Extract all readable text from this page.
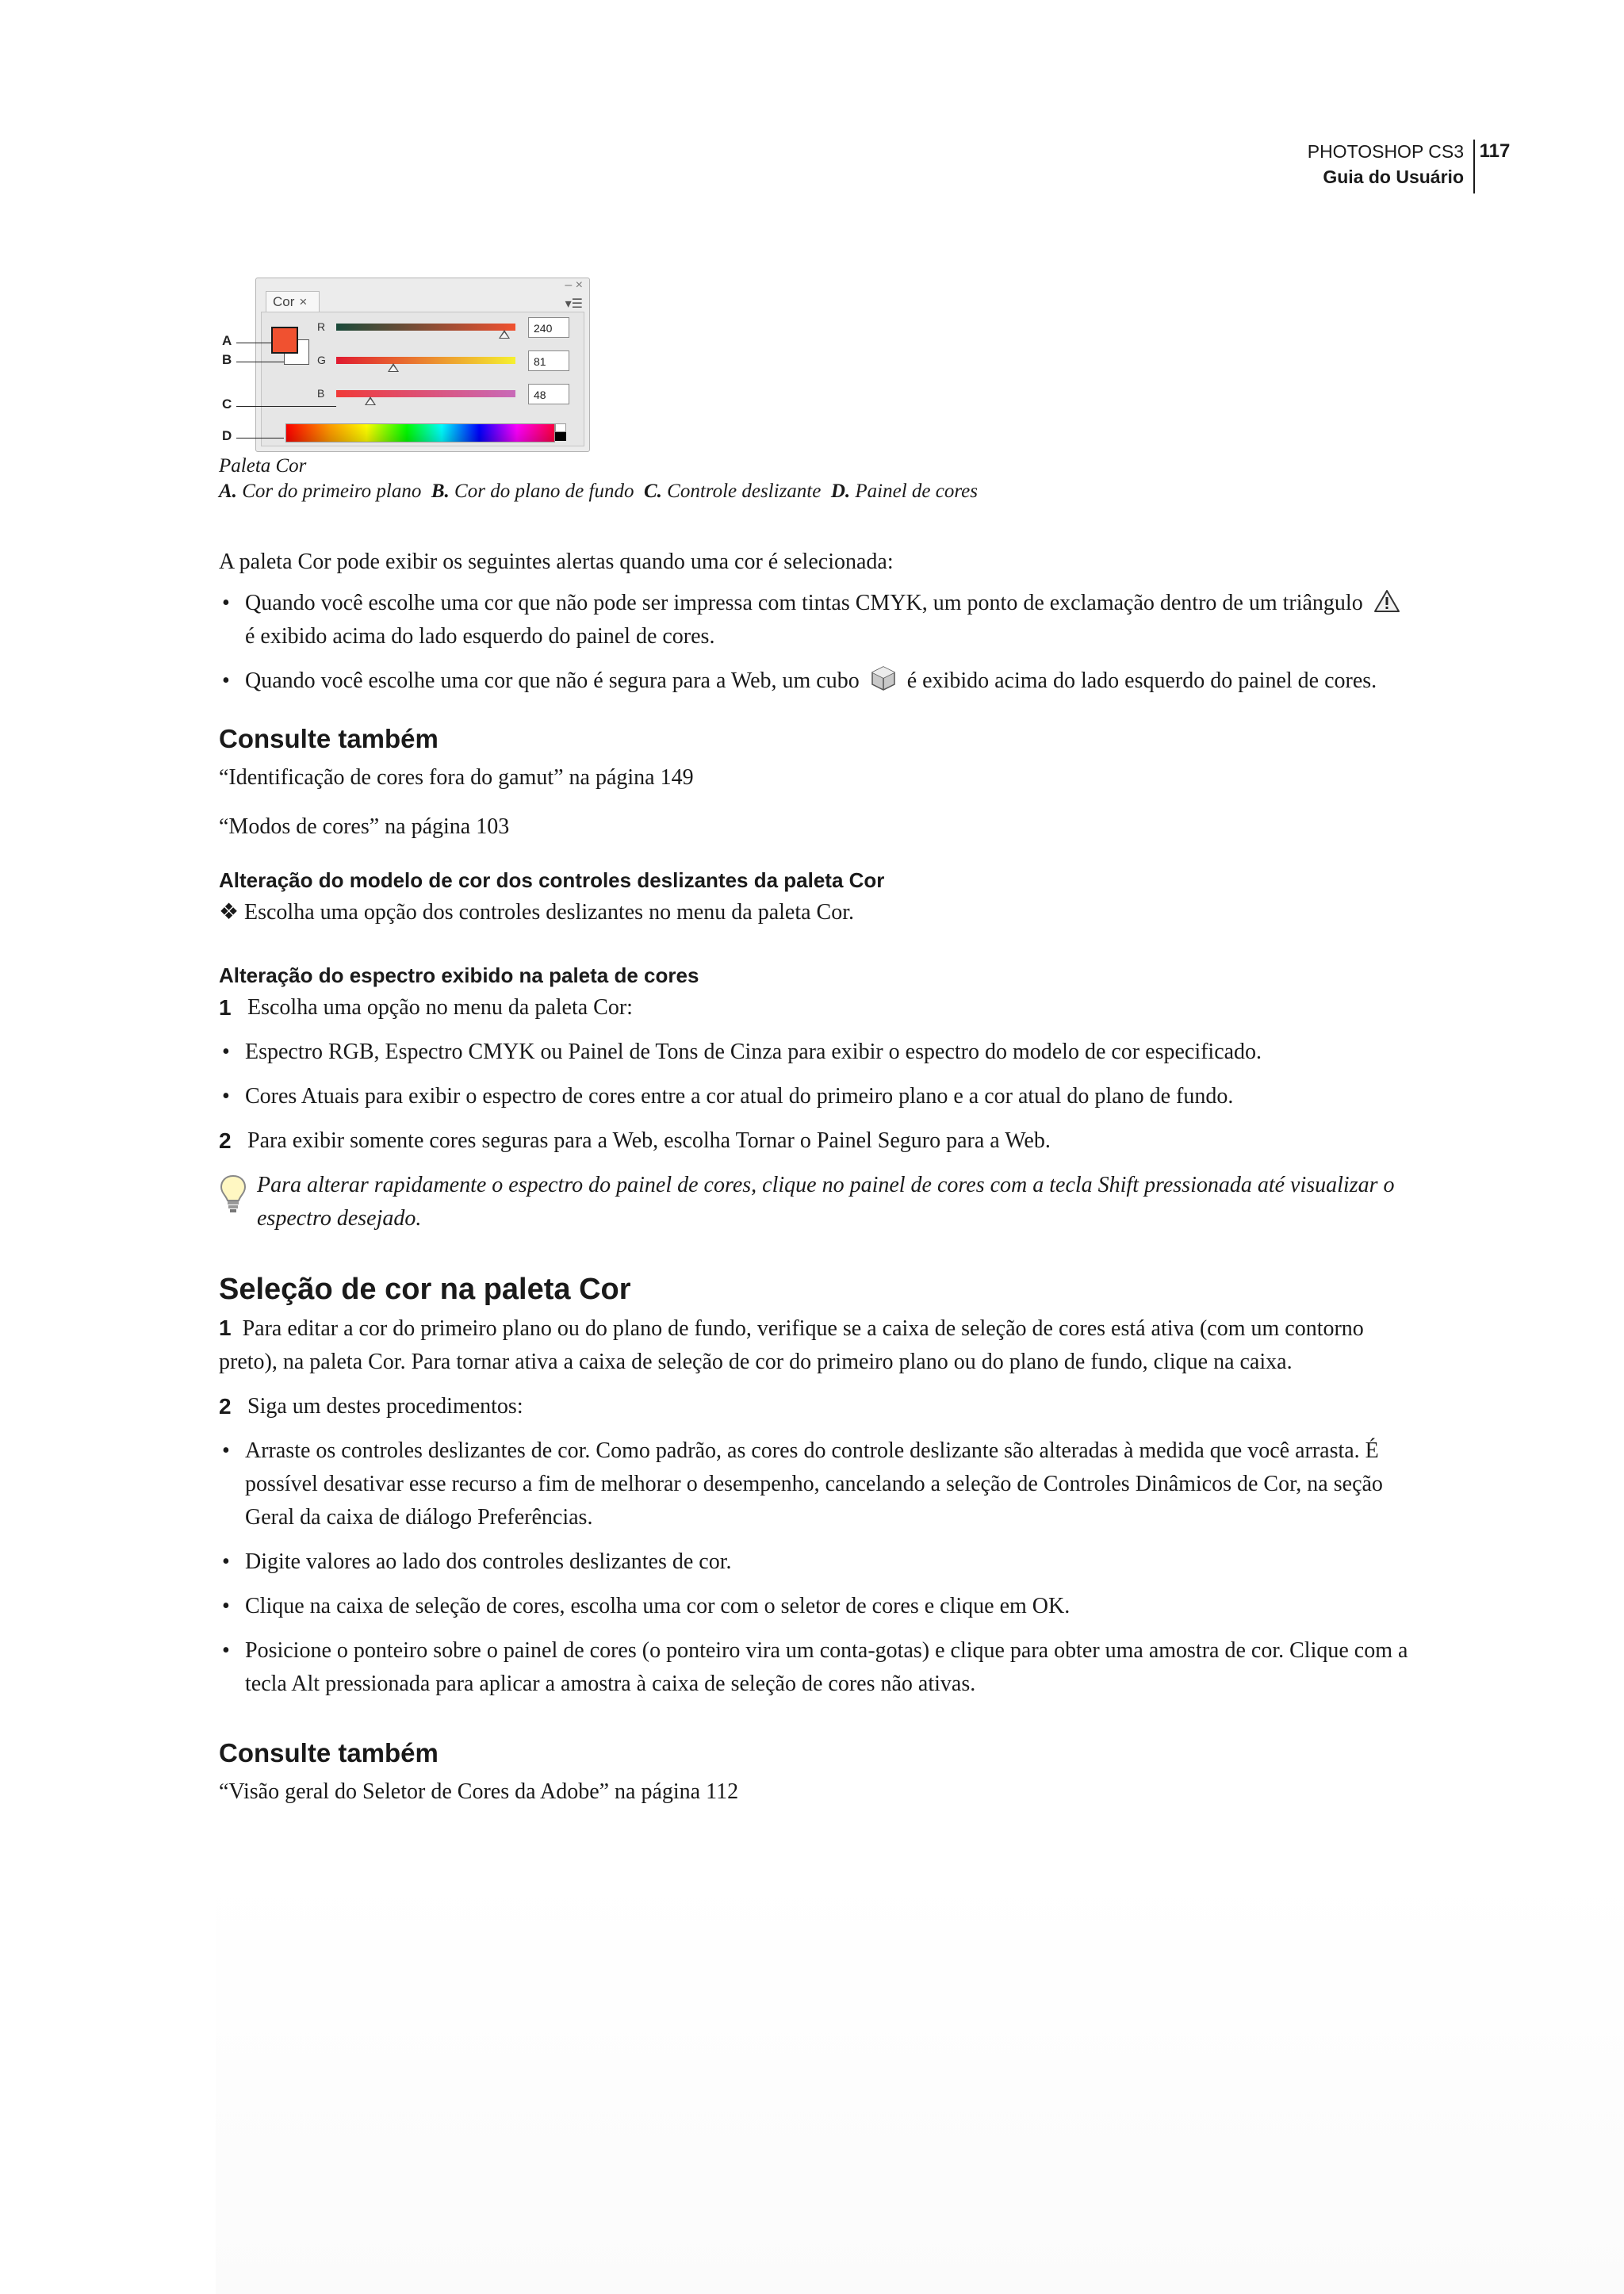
PHOTOSHOP CS3
Guia do Usuário
117
– ×
▾☰
Cor ×
R	240
G	81
B	48
A
B
C
D
Paleta Cor
A. Cor do primeiro plano B. Cor do plano de fundo C. Controle deslizante D. Painel de cores

A paleta Cor pode exibir os seguintes alertas quando uma cor é selecionada:

• Quando você escolhe uma cor que não pode ser impressa com tintas CMYK, um ponto de exclamação dentro de um triângulo  é exibido acima do lado esquerdo do painel de cores.
• Quando você escolhe uma cor que não é segura para a Web, um cubo é exibido acima do lado esquerdo do painel de cores.
Consulte também

“Identificação de cores fora do gamut” na página 149

“Modos de cores” na página 103

Alteração do modelo de cor dos controles deslizantes da paleta Cor

❖ Escolha uma opção dos controles deslizantes no menu da paleta Cor.

Alteração do espectro exibido na paleta de cores

1 Escolha uma opção no menu da paleta Cor:

• Espectro RGB, Espectro CMYK ou Painel de Tons de Cinza para exibir o espectro do modelo de cor especificado.
• Cores Atuais para exibir o espectro de cores entre a cor atual do primeiro plano e a cor atual do plano de fundo.

2 Para exibir somente cores seguras para a Web, escolha Tornar o Painel Seguro para a Web.

Para alterar rapidamente o espectro do painel de cores, clique no painel de cores com a tecla Shift pressionada até visualizar o espectro desejado.

Seleção de cor na paleta Cor

1 Para editar a cor do primeiro plano ou do plano de fundo, verifique se a caixa de seleção de cores está ativa (com um contorno preto), na paleta Cor. Para tornar ativa a caixa de seleção de cor do primeiro plano ou do plano de fundo, clique na caixa.

2 Siga um destes procedimentos:

• Arraste os controles deslizantes de cor. Como padrão, as cores do controle deslizante são alteradas à medida que você arrasta. É possível desativar esse recurso a fim de melhorar o desempenho, cancelando a seleção de Controles Dinâmicos de Cor, na seção Geral da caixa de diálogo Preferências.
• Digite valores ao lado dos controles deslizantes de cor.
• Clique na caixa de seleção de cores, escolha uma cor com o seletor de cores e clique em OK.
• Posicione o ponteiro sobre o painel de cores (o ponteiro vira um conta-gotas) e clique para obter uma amostra de cor. Clique com a tecla Alt pressionada para aplicar a amostra à caixa de seleção de cores não ativas.
Consulte também

“Visão geral do Seletor de Cores da Adobe” na página 112
